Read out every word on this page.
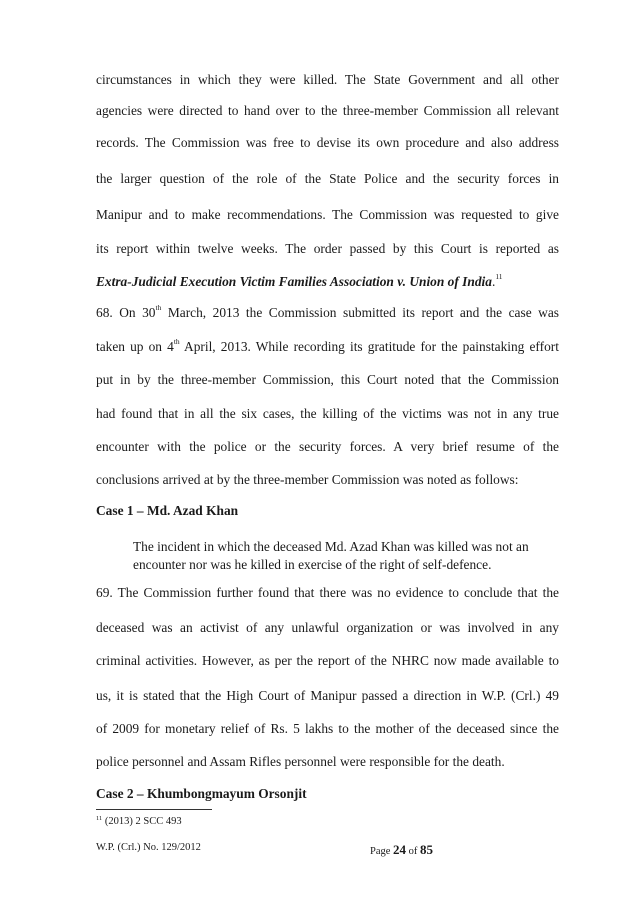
circumstances in which they were killed. The State Government and all other
agencies were directed to hand over to the three-member Commission all relevant
records. The Commission was free to devise its own procedure and also address
the larger question of the role of the State Police and the security forces in
Manipur and to make recommendations. The Commission was requested to give
its report within twelve weeks. The order passed by this Court is reported as
Extra-Judicial Execution Victim Families Association v. Union of India.$^{11}$
68. On 30th March, 2013 the Commission submitted its report and the case was
taken up on 4th April, 2013. While recording its gratitude for the painstaking effort
put in by the three-member Commission, this Court noted that the Commission
had found that in all the six cases, the killing of the victims was not in any true
encounter with the police or the security forces. A very brief resume of the
conclusions arrived at by the three-member Commission was noted as follows:
Case 1 – Md. Azad Khan
The incident in which the deceased Md. Azad Khan was killed was not an
encounter nor was he killed in exercise of the right of self-defence.
69. The Commission further found that there was no evidence to conclude that the
deceased was an activist of any unlawful organization or was involved in any
criminal activities. However, as per the report of the NHRC now made available to
us, it is stated that the High Court of Manipur passed a direction in W.P. (Crl.) 49
of 2009 for monetary relief of Rs. 5 lakhs to the mother of the deceased since the
police personnel and Assam Rifles personnel were responsible for the death.
Case 2 – Khumbongmayum Orsonjit
$^{11}$ (2013) 2 SCC 493
W.P. (Crl.) No. 129/2012	Page 24 of 85
